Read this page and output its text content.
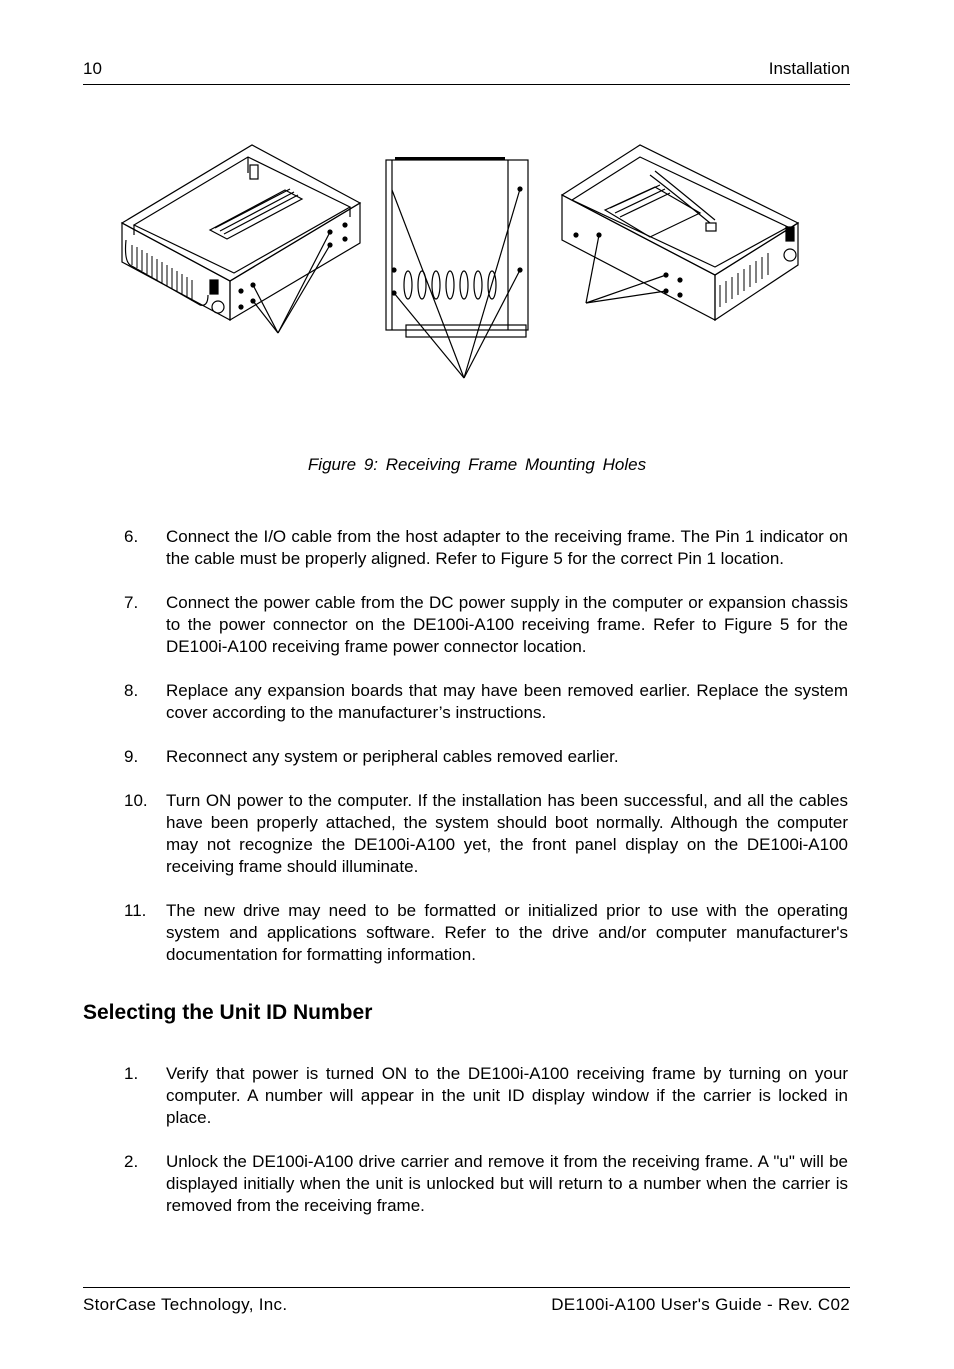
10	Installation
Figure 9: Receiving Frame Mounting Holes
6. Connect the I/O cable from the host adapter to the receiving frame. The Pin 1 indicator on the cable must be properly aligned. Refer to Figure 5 for the correct Pin 1 location.
7. Connect the power cable from the DC power supply in the computer or expansion chassis to the power connector on the DE100i-A100 receiving frame. Refer to Figure 5 for the DE100i-A100 receiving frame power connector location.
8. Replace any expansion boards that may have been removed earlier. Replace the system cover according to the manufacturer’s instructions.
9. Reconnect any system or peripheral cables removed earlier.
10. Turn ON power to the computer. If the installation has been successful, and all the cables have been properly attached, the system should boot normally. Although the computer may not recognize the DE100i-A100 yet, the front panel display on the DE100i-A100 receiving frame should illuminate.
11. The new drive may need to be formatted or initialized prior to use with the operating system and applications software. Refer to the drive and/or computer manufacturer's documentation for formatting information.
Selecting the Unit ID Number
1. Verify that power is turned ON to the DE100i-A100 receiving frame by turning on your computer. A number will appear in the unit ID display window if the carrier is locked in place.
2. Unlock the DE100i-A100 drive carrier and remove it from the receiving frame. A "u" will be displayed initially when the unit is unlocked but will return to a number when the carrier is removed from the receiving frame.
StorCase Technology, Inc.	DE100i-A100 User's Guide - Rev. C02
